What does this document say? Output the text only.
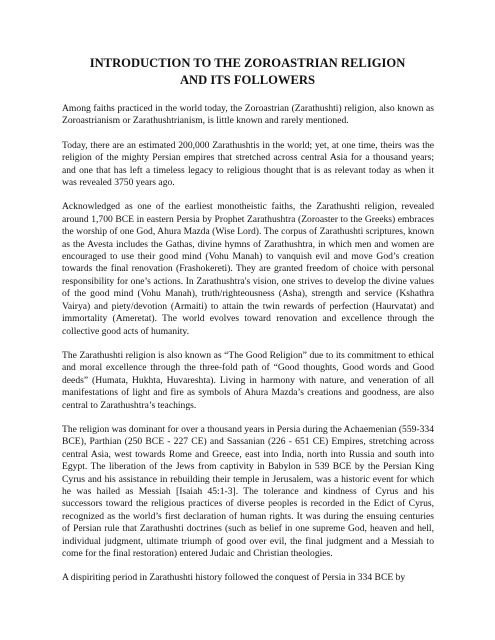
INTRODUCTION TO THE ZOROASTRIAN RELIGION
AND ITS FOLLOWERS

Among faiths practiced in the world today, the Zoroastrian (Zarathushti) religion, also known as Zoroastrianism or Zarathushtrianism, is little known and rarely mentioned.

Today, there are an estimated 200,000 Zarathushtis in the world; yet, at one time, theirs was the religion of the mighty Persian empires that stretched across central Asia for a thousand years; and one that has left a timeless legacy to religious thought that is as relevant today as when it was revealed 3750 years ago.

Acknowledged as one of the earliest monotheistic faiths, the Zarathushti religion, revealed around 1,700 BCE in eastern Persia by Prophet Zarathushtra (Zoroaster to the Greeks) embraces the worship of one God, Ahura Mazda (Wise Lord). The corpus of Zarathushti scriptures, known as the Avesta includes the Gathas, divine hymns of Zarathushtra, in which men and women are encouraged to use their good mind (Vohu Manah) to vanquish evil and move God’s creation towards the final renovation (Frashokereti). They are granted freedom of choice with personal responsibility for one’s actions. In Zarathushtra's vision, one strives to develop the divine values of the good mind (Vohu Manah), truth/righteousness (Asha), strength and service (Kshathra Vairya) and piety/devotion (Armaiti) to attain the twin rewards of perfection (Haurvatat) and immortality (Ameretat). The world evolves toward renovation and excellence through the collective good acts of humanity.

The Zarathushti religion is also known as “The Good Religion” due to its commitment to ethical and moral excellence through the three-fold path of “Good thoughts, Good words and Good deeds” (Humata, Hukhta, Huvareshta). Living in harmony with nature, and veneration of all manifestations of light and fire as symbols of Ahura Mazda’s creations and goodness, are also central to Zarathushtra’s teachings.

The religion was dominant for over a thousand years in Persia during the Achaemenian (559-334 BCE), Parthian (250 BCE - 227 CE) and Sassanian (226 - 651 CE) Empires, stretching across central Asia, west towards Rome and Greece, east into India, north into Russia and south into Egypt. The liberation of the Jews from captivity in Babylon in 539 BCE by the Persian King Cyrus and his assistance in rebuilding their temple in Jerusalem, was a historic event for which he was hailed as Messiah [Isaiah 45:1-3]. The tolerance and kindness of Cyrus and his successors toward the religious practices of diverse peoples is recorded in the Edict of Cyrus, recognized as the world’s first declaration of human rights. It was during the ensuing centuries of Persian rule that Zarathushti doctrines (such as belief in one supreme God, heaven and hell, individual judgment, ultimate triumph of good over evil, the final judgment and a Messiah to come for the final restoration) entered Judaic and Christian theologies.

A dispiriting period in Zarathushti history followed the conquest of Persia in 334 BCE by
